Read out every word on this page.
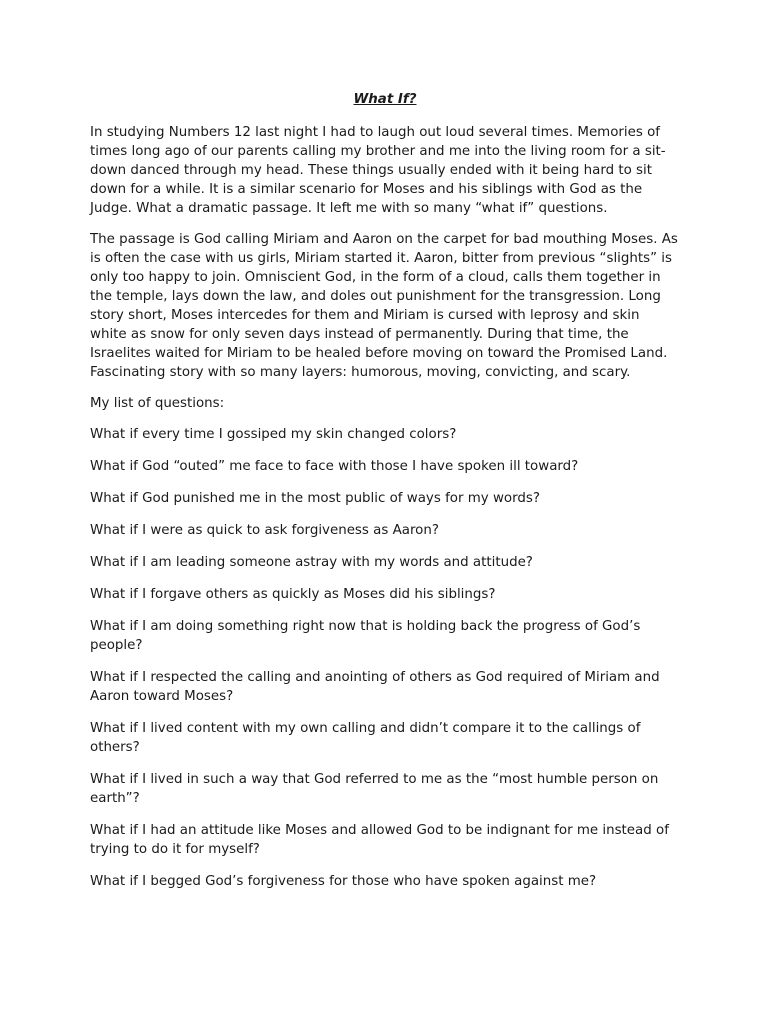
What If?

In studying Numbers 12 last night I had to laugh out loud several times. Memories of times long ago of our parents calling my brother and me into the living room for a sit-down danced through my head. These things usually ended with it being hard to sit down for a while. It is a similar scenario for Moses and his siblings with God as the Judge. What a dramatic passage. It left me with so many “what if” questions.

The passage is God calling Miriam and Aaron on the carpet for bad mouthing Moses. As is often the case with us girls, Miriam started it. Aaron, bitter from previous “slights” is only too happy to join. Omniscient God, in the form of a cloud, calls them together in the temple, lays down the law, and doles out punishment for the transgression. Long story short, Moses intercedes for them and Miriam is cursed with leprosy and skin white as snow for only seven days instead of permanently. During that time, the Israelites waited for Miriam to be healed before moving on toward the Promised Land. Fascinating story with so many layers: humorous, moving, convicting, and scary.

My list of questions:

What if every time I gossiped my skin changed colors?

What if God “outed” me face to face with those I have spoken ill toward?

What if God punished me in the most public of ways for my words?

What if I were as quick to ask forgiveness as Aaron?

What if I am leading someone astray with my words and attitude?

What if I forgave others as quickly as Moses did his siblings?

What if I am doing something right now that is holding back the progress of God’s people?

What if I respected the calling and anointing of others as God required of Miriam and Aaron toward Moses?

What if I lived content with my own calling and didn’t compare it to the callings of others?

What if I lived in such a way that God referred to me as the “most humble person on earth”?

What if I had an attitude like Moses and allowed God to be indignant for me instead of trying to do it for myself?

What if I begged God’s forgiveness for those who have spoken against me?
